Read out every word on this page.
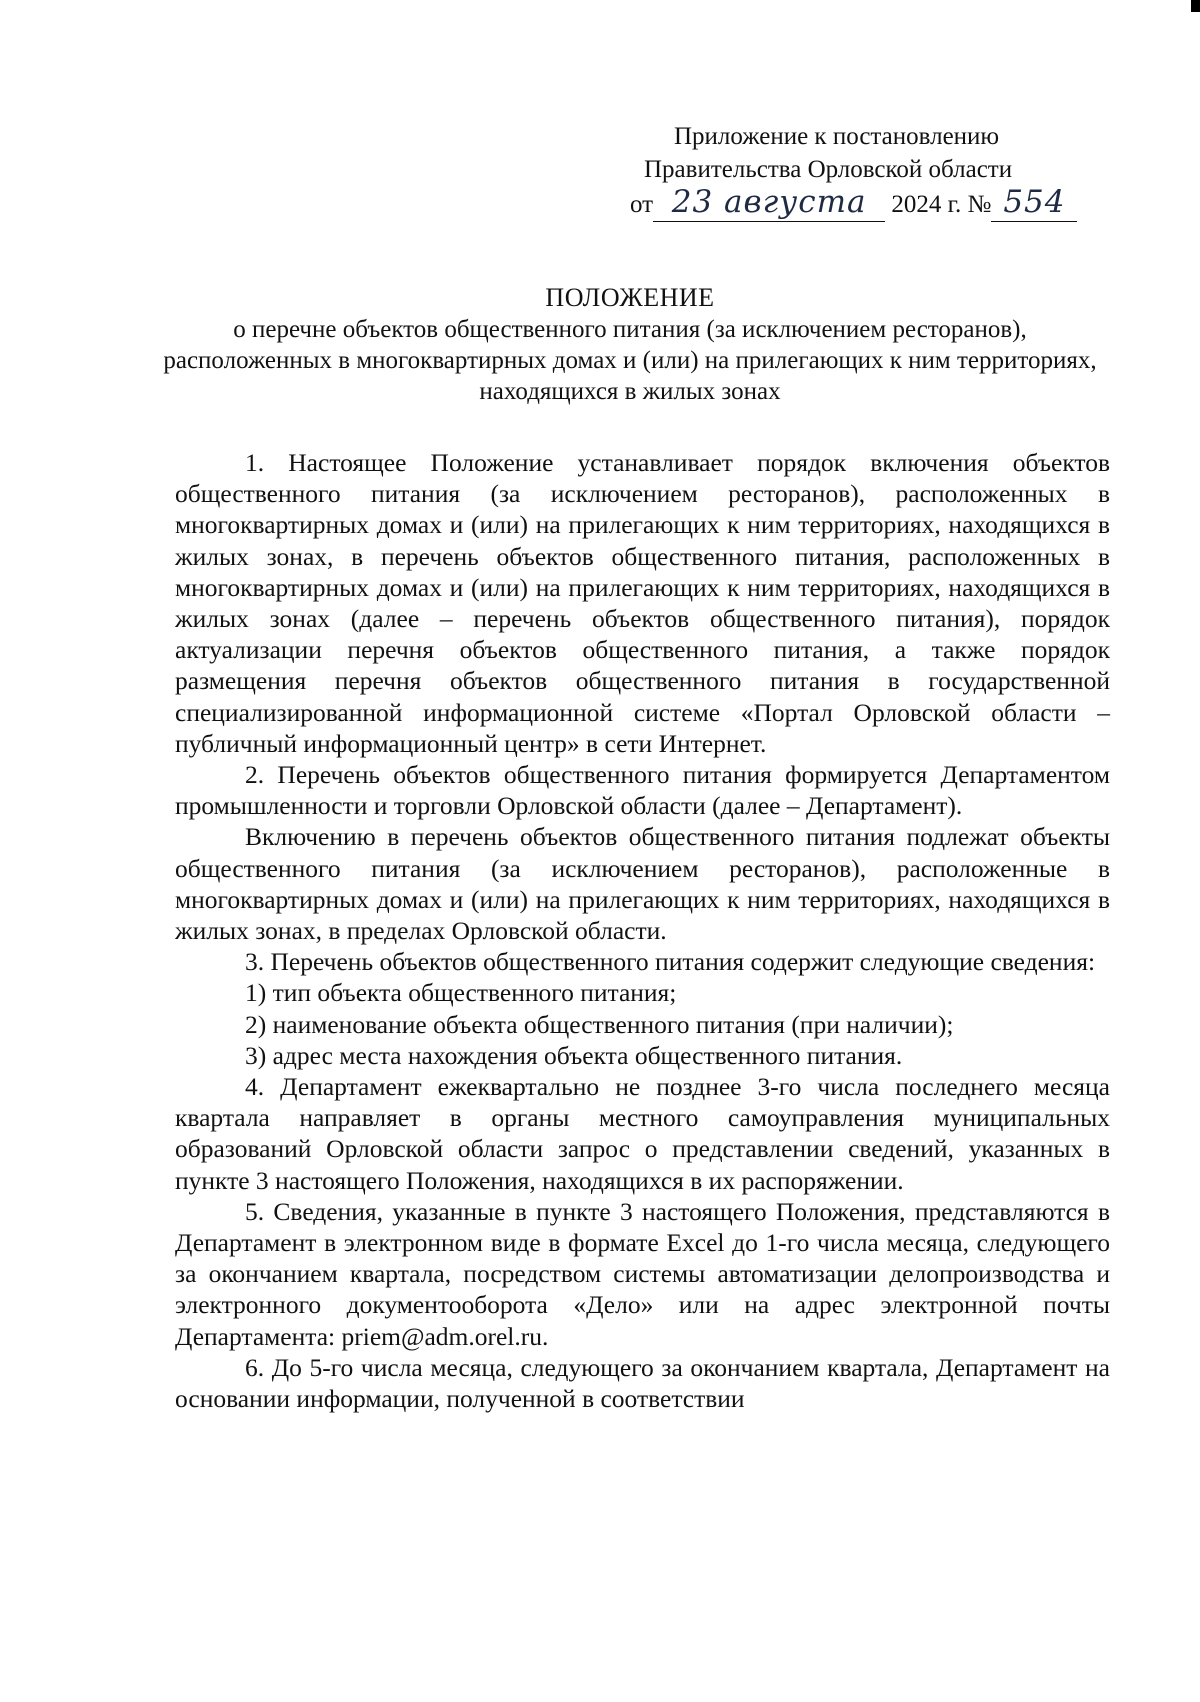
Приложение к постановлению
Правительства Орловской области
от 23 августа 2024 г. № 554
ПОЛОЖЕНИЕ
о перечне объектов общественного питания (за исключением ресторанов), расположенных в многоквартирных домах и (или) на прилегающих к ним территориях, находящихся в жилых зонах

1. Настоящее Положение устанавливает порядок включения объектов общественного питания (за исключением ресторанов), расположенных в многоквартирных домах и (или) на прилегающих к ним территориях, находящихся в жилых зонах, в перечень объектов общественного питания, расположенных в многоквартирных домах и (или) на прилегающих к ним территориях, находящихся в жилых зонах (далее – перечень объектов общественного питания), порядок актуализации перечня объектов общественного питания, а также порядок размещения перечня объектов общественного питания в государственной специализированной информационной системе «Портал Орловской области – публичный информационный центр» в сети Интернет.

2. Перечень объектов общественного питания формируется Департаментом промышленности и торговли Орловской области (далее – Департамент).

Включению в перечень объектов общественного питания подлежат объекты общественного питания (за исключением ресторанов), расположенные в многоквартирных домах и (или) на прилегающих к ним территориях, находящихся в жилых зонах, в пределах Орловской области.

3. Перечень объектов общественного питания содержит следующие сведения:

1) тип объекта общественного питания;

2) наименование объекта общественного питания (при наличии);

3) адрес места нахождения объекта общественного питания.

4. Департамент ежеквартально не позднее 3-го числа последнего месяца квартала направляет в органы местного самоуправления муниципальных образований Орловской области запрос о представлении сведений, указанных в пункте 3 настоящего Положения, находящихся в их распоряжении.

5. Сведения, указанные в пункте 3 настоящего Положения, представляются в Департамент в электронном виде в формате Excel до 1-го числа месяца, следующего за окончанием квартала, посредством системы автоматизации делопроизводства и электронного документооборота «Дело» или на адрес электронной почты Департамента: priem@adm.orel.ru.

6. До 5-го числа месяца, следующего за окончанием квартала, Департамент на основании информации, полученной в соответствии
